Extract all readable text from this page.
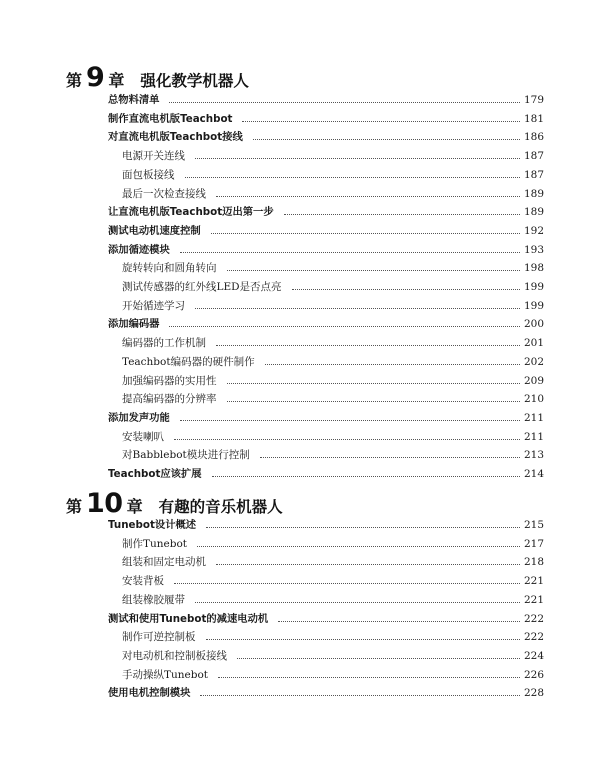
第 9 章 强化教学机器人
总物料清单	179
制作直流电机版Teachbot	181
对直流电机版Teachbot接线	186
电源开关连线	187
面包板接线	187
最后一次检查接线	189
让直流电机版Teachbot迈出第一步	189
测试电动机速度控制	192
添加循迹模块	193
旋转转向和圆角转向	198
测试传感器的红外线LED是否点亮	199
开始循迹学习	199
添加编码器	200
编码器的工作机制	201
Teachbot编码器的硬件制作	202
加强编码器的实用性	209
提高编码器的分辨率	210
添加发声功能	211
安装喇叭	211
对Babblebot模块进行控制	213
Teachbot应该扩展	214
第 10 章 有趣的音乐机器人
Tunebot设计概述	215
制作Tunebot	217
组装和固定电动机	218
安装背板	221
组装橡胶履带	221
测试和使用Tunebot的减速电动机	222
制作可逆控制板	222
对电动机和控制板接线	224
手动操纵Tunebot	226
使用电机控制模块	228
